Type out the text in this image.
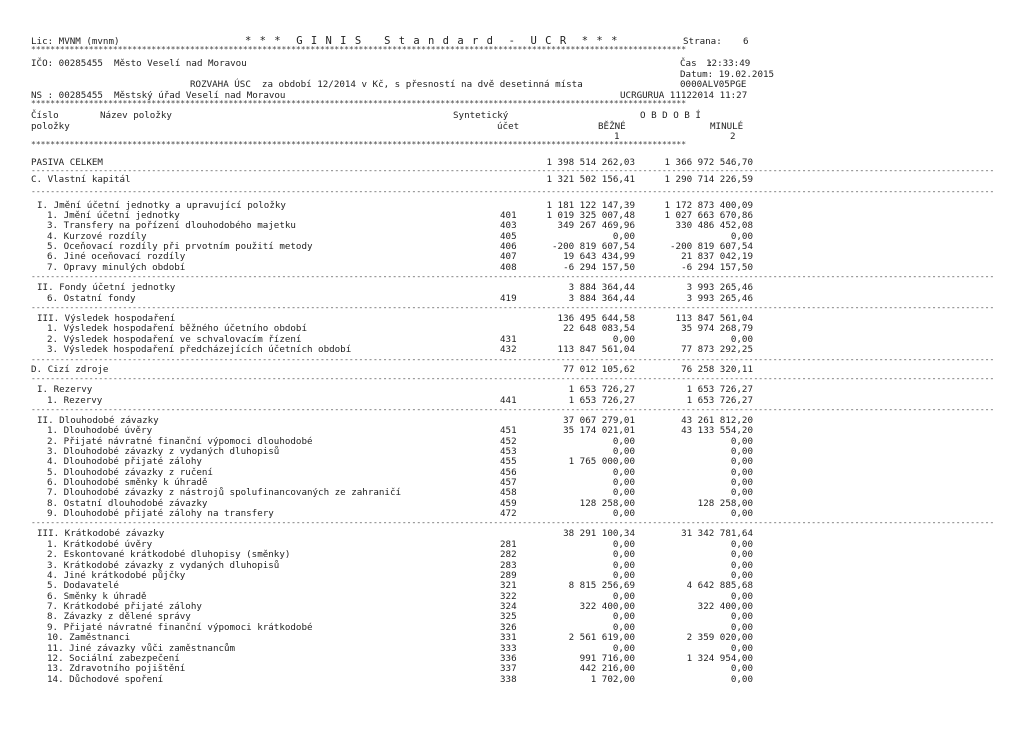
Lic: MVNM (mvnm)	* * *  G I N I S   S t a n d a r d  -  U C R  * * *	Strana: 6
****************************************************************************************************************************************
IČO: 00285455  Město Veselí nad Moravou	Čas  :
12:33:49
Datum: 19.02.2015
ROZVAHA ÚSC  za období 12/2014 v Kč, s přesností na dvě desetinná místa	0000ALV05PGE
NS : 00285455  Městský úřad Veselí nad Moravou	UCRGURUA 11122014 11:27
****************************************************************************************************************************************
Číslo
položky
Název položky	Syntetický
účet
O B D O B Í
BĚŽNÉ
1
MINULÉ
2
****************************************************************************************************************************************
--------------------------------------------------------------------------------------------------------------------------------------------------------------------------------------------------------
--------------------------------------------------------------------------------------------------------------------------------------------------------------------------------------------------------
--------------------------------------------------------------------------------------------------------------------------------------------------------------------------------------------------------
--------------------------------------------------------------------------------------------------------------------------------------------------------------------------------------------------------
--------------------------------------------------------------------------------------------------------------------------------------------------------------------------------------------------------
--------------------------------------------------------------------------------------------------------------------------------------------------------------------------------------------------------
--------------------------------------------------------------------------------------------------------------------------------------------------------------------------------------------------------
--------------------------------------------------------------------------------------------------------------------------------------------------------------------------------------------------------
PASIVA CELKEM	1 398 514 262,03	1 366 972 546,70
C. Vlastní kapitál	1 321 502 156,41	1 290 714 226,59
I. Jmění účetní jednotky a upravující položky	1 181 122 147,39	1 172 873 400,09
1. Jmění účetní jednotky	401	1 019 325 007,48	1 027 663 670,86
3. Transfery na pořízení dlouhodobého majetku	403	349 267 469,96	330 486 452,08
4. Kurzové rozdíly	405	0,00	0,00
5. Oceňovací rozdíly při prvotním použití metody	406	-200 819 607,54	-200 819 607,54
6. Jiné oceňovací rozdíly	407	19 643 434,99	21 837 042,19
7. Opravy minulých období	408	-6 294 157,50	-6 294 157,50
II. Fondy účetní jednotky	3 884 364,44	3 993 265,46
6. Ostatní fondy	419	3 884 364,44	3 993 265,46
III. Výsledek hospodaření	136 495 644,58	113 847 561,04
1. Výsledek hospodaření běžného účetního období	22 648 083,54	35 974 268,79
2. Výsledek hospodaření ve schvalovacím řízení	431	0,00	0,00
3. Výsledek hospodaření předcházejících účetních období	432	113 847 561,04	77 873 292,25
D. Cizí zdroje	77 012 105,62	76 258 320,11
I. Rezervy	1 653 726,27	1 653 726,27
1. Rezervy	441	1 653 726,27	1 653 726,27
II. Dlouhodobé závazky	37 067 279,01	43 261 812,20
1. Dlouhodobé úvěry	451	35 174 021,01	43 133 554,20
2. Přijaté návratné finanční výpomoci dlouhodobé	452	0,00	0,00
3. Dlouhodobé závazky z vydaných dluhopisů	453	0,00	0,00
4. Dlouhodobé přijaté zálohy	455	1 765 000,00	0,00
5. Dlouhodobé závazky z ručení	456	0,00	0,00
6. Dlouhodobé směnky k úhradě	457	0,00	0,00
7. Dlouhodobé závazky z nástrojů spolufinancovaných ze zahraničí	458	0,00	0,00
8. Ostatní dlouhodobé závazky	459	128 258,00	128 258,00
9. Dlouhodobé přijaté zálohy na transfery	472	0,00	0,00
III. Krátkodobé závazky	38 291 100,34	31 342 781,64
1. Krátkodobé úvěry	281	0,00	0,00
2. Eskontované krátkodobé dluhopisy (směnky)	282	0,00	0,00
3. Krátkodobé závazky z vydaných dluhopisů	283	0,00	0,00
4. Jiné krátkodobé půjčky	289	0,00	0,00
5. Dodavatelé	321	8 815 256,69	4 642 885,68
6. Směnky k úhradě	322	0,00	0,00
7. Krátkodobé přijaté zálohy	324	322 400,00	322 400,00
8. Závazky z dělené správy	325	0,00	0,00
9. Přijaté návratné finanční výpomoci krátkodobé	326	0,00	0,00
10. Zaměstnanci	331	2 561 619,00	2 359 020,00
11. Jiné závazky vůči zaměstnancům	333	0,00	0,00
12. Sociální zabezpečení	336	991 716,00	1 324 954,00
13. Zdravotního pojištění	337	442 216,00	0,00
14. Důchodové spoření	338	1 702,00	0,00
